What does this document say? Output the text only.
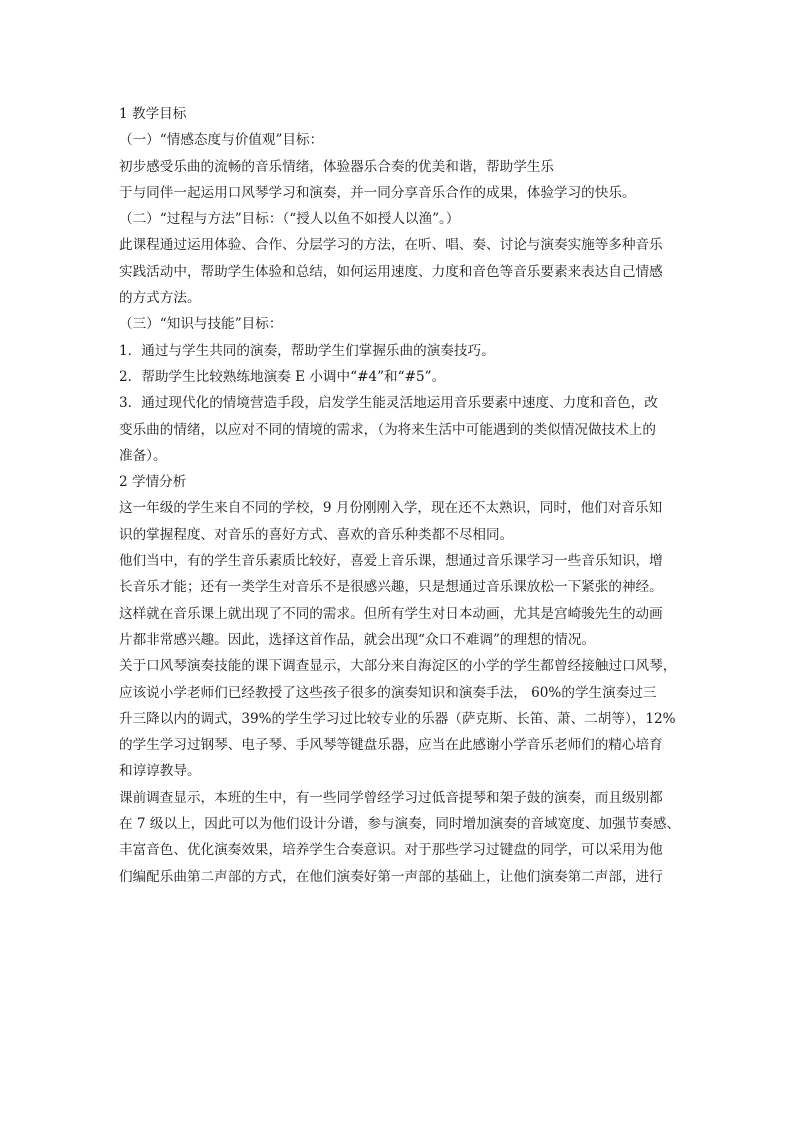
1 教学目标
（一）“情感态度与价值观”目标：
初步感受乐曲的流畅的音乐情绪，体验器乐合奏的优美和谐，帮助学生乐
于与同伴一起运用口风琴学习和演奏，并一同分享音乐合作的成果，体验学习的快乐。
（二）“过程与方法”目标：（“授人以鱼不如授人以渔”。）
此课程通过运用体验、合作、分层学习的方法，在听、唱、奏、讨论与演奏实施等多种音乐
实践活动中，帮助学生体验和总结，如何运用速度、力度和音色等音乐要素来表达自己情感
的方式方法。
（三）“知识与技能”目标：
1．通过与学生共同的演奏，帮助学生们掌握乐曲的演奏技巧。
2．帮助学生比较熟练地演奏 E 小调中“#4”和“#5”。
3．通过现代化的情境营造手段，启发学生能灵活地运用音乐要素中速度、力度和音色，改
变乐曲的情绪，以应对不同的情境的需求，（为将来生活中可能遇到的类似情况做技术上的
准备）。
2 学情分析
这一年级的学生来自不同的学校，9 月份刚刚入学，现在还不太熟识，同时，他们对音乐知
识的掌握程度、对音乐的喜好方式、喜欢的音乐种类都不尽相同。
他们当中，有的学生音乐素质比较好，喜爱上音乐课，想通过音乐课学习一些音乐知识，增
长音乐才能；还有一类学生对音乐不是很感兴趣，只是想通过音乐课放松一下紧张的神经。
这样就在音乐课上就出现了不同的需求。但所有学生对日本动画，尤其是宫崎骏先生的动画
片都非常感兴趣。因此，选择这首作品，就会出现“众口不难调”的理想的情况。
关于口风琴演奏技能的课下调查显示，大部分来自海淀区的小学的学生都曾经接触过口风琴，
应该说小学老师们已经教授了这些孩子很多的演奏知识和演奏手法， 60%的学生演奏过三
升三降以内的调式，39%的学生学习过比较专业的乐器（萨克斯、长笛、萧、二胡等），12%
的学生学习过钢琴、电子琴、手风琴等键盘乐器，应当在此感谢小学音乐老师们的精心培育
和谆谆教导。
课前调查显示，本班的生中，有一些同学曾经学习过低音提琴和架子鼓的演奏，而且级别都
在 7 级以上，因此可以为他们设计分谱，参与演奏，同时增加演奏的音域宽度、加强节奏感、
丰富音色、优化演奏效果，培养学生合奏意识。对于那些学习过键盘的同学，可以采用为他
们编配乐曲第二声部的方式，在他们演奏好第一声部的基础上，让他们演奏第二声部，进行
